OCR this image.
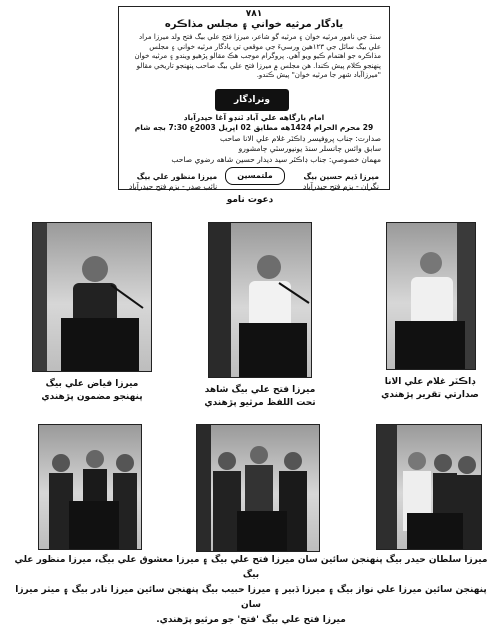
٧٨١
يادگار مرثيه خواني ۽ مجلس مذاڪره
سنڌ جي نامور مرثيه خوان ۽ مرثيه گو شاعر، ميرزا فتح علي بيگ فتح ولد ميرزا مراد علي بيگ سائل جي ١٢٣هين ورسيءَ جي موقعي تي يادگار مرثيه خواني ۽ مجلس مذاڪره جو اهتمام ڪيو ويو آهي. پروگرام موجب هڪ مقالو پڙهيو ويندو ۽ مرثيه خوان پنهنجو ڪلام پيش ڪندا. هن مجلس ۾ ميرزا فتح علي بيگ صاحب پنهنجو تاريخي مقالو "ميرزاآباد شهر جا مرثيه خوان" پيش ڪندو.
ونرادگار
امام بارگاهه علي آباد ٽنڊو آغا حيدرآباد
29 محرم الحرام 1424هه مطابق 02 اپريل 2003ع 7:30 بجه شام
صدارت: جناب پروفيسر ڊاڪٽر غلام علي الانا صاحب
سابق وائس چانسلر سنڌ يونيورسٽي ڄامشورو
مهمان خصوصي: جناب ڊاڪٽر سيد ديدار حسين شاهه رضوي صاحب
ملتمسين	ميرزا ڏيم حسين بيگ
نگران - بزم فتح حيدرآباد
ميرزا منظور علي بيگ
نائب صدر - بزم فتح حيدرآباد
دعوت نامو
ميرزا فياض علي بيگ
پنهنجو مضمون پڙهندي
ميرزا فتح علي بيگ شاهد
تحت اللفظ مرثيو پڙهندي
ڊاڪٽر غلام علي الانا
صدارتي تقرير پڙهندي
ميرزا سلطان حيدر بيگ پنهنجن سائين سان ميرزا فتح علي بيگ ۽ ميرزا معشوق علي بيگ، ميرزا منظور علي بيگ
پنهنجن سائين ميرزا علي نواز بيگ ۽ ميرزا ڏبير ۽ ميرزا حبيب بيگ پنهنجن سائين ميرزا نادر بيگ ۽ ميٺر ميرزا سان
ميرزا فتح علي بيگ 'فتح' جو مرثيو پڙهندي.
